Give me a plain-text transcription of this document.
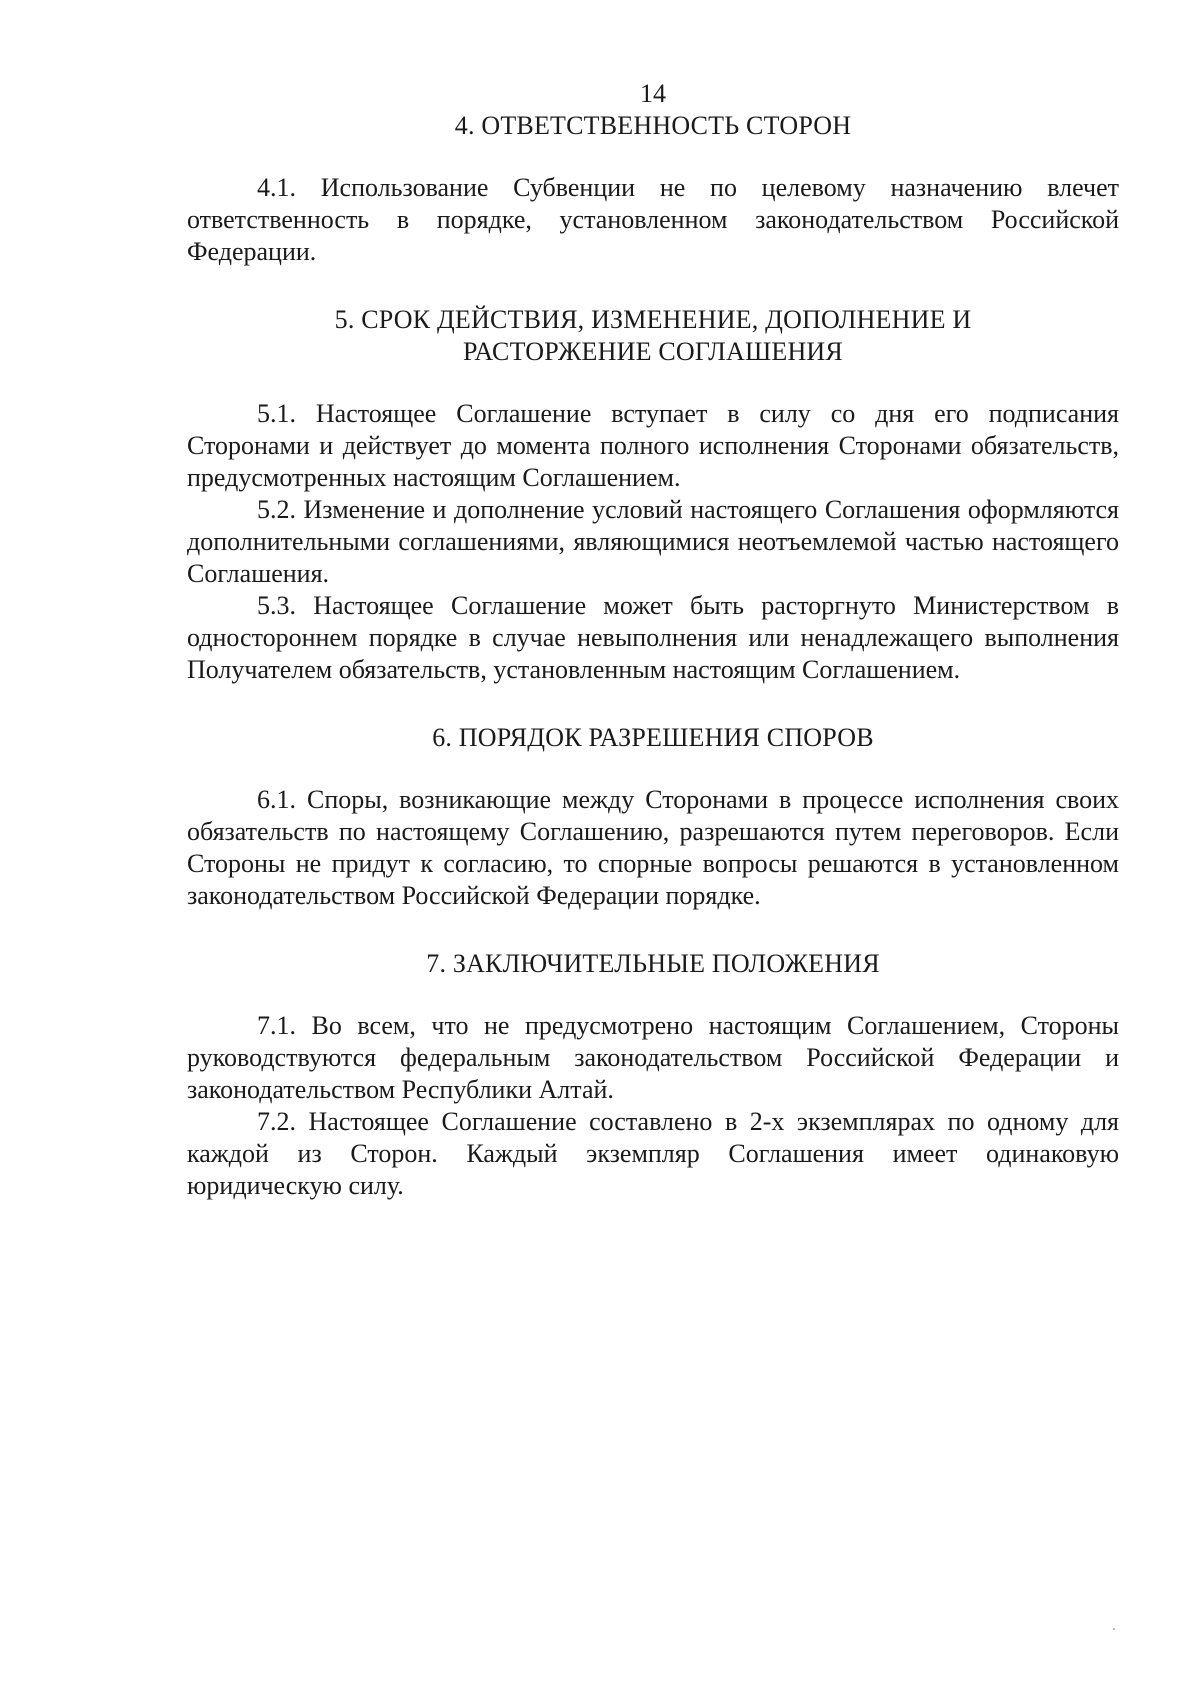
14

4. ОТВЕТСТВЕННОСТЬ СТОРОН

4.1. Использование Субвенции не по целевому назначению влечет ответственность в порядке, установленном законодательством Российской Федерации.

5. СРОК ДЕЙСТВИЯ, ИЗМЕНЕНИЕ, ДОПОЛНЕНИЕ И

РАСТОРЖЕНИЕ СОГЛАШЕНИЯ

5.1. Настоящее Соглашение вступает в силу со дня его подписания Сторонами и действует до момента полного исполнения Сторонами обязательств, предусмотренных настоящим Соглашением.

5.2. Изменение и дополнение условий настоящего Соглашения оформляются дополнительными соглашениями, являющимися неотъемлемой частью настоящего Соглашения.

5.3. Настоящее Соглашение может быть расторгнуто Министерством в одностороннем порядке в случае невыполнения или ненадлежащего выполнения Получателем обязательств, установленным настоящим Соглашением.

6. ПОРЯДОК РАЗРЕШЕНИЯ СПОРОВ

6.1. Споры, возникающие между Сторонами в процессе исполнения своих обязательств по настоящему Соглашению, разрешаются путем переговоров. Если Стороны не придут к согласию, то спорные вопросы решаются в установленном законодательством Российской Федерации порядке.

7. ЗАКЛЮЧИТЕЛЬНЫЕ ПОЛОЖЕНИЯ

7.1. Во всем, что не предусмотрено настоящим Соглашением, Стороны руководствуются федеральным законодательством Российской Федерации и законодательством Республики Алтай.

7.2. Настоящее Соглашение составлено в 2-х экземплярах по одному для каждой из Сторон. Каждый экземпляр Соглашения имеет одинаковую юридическую силу.
